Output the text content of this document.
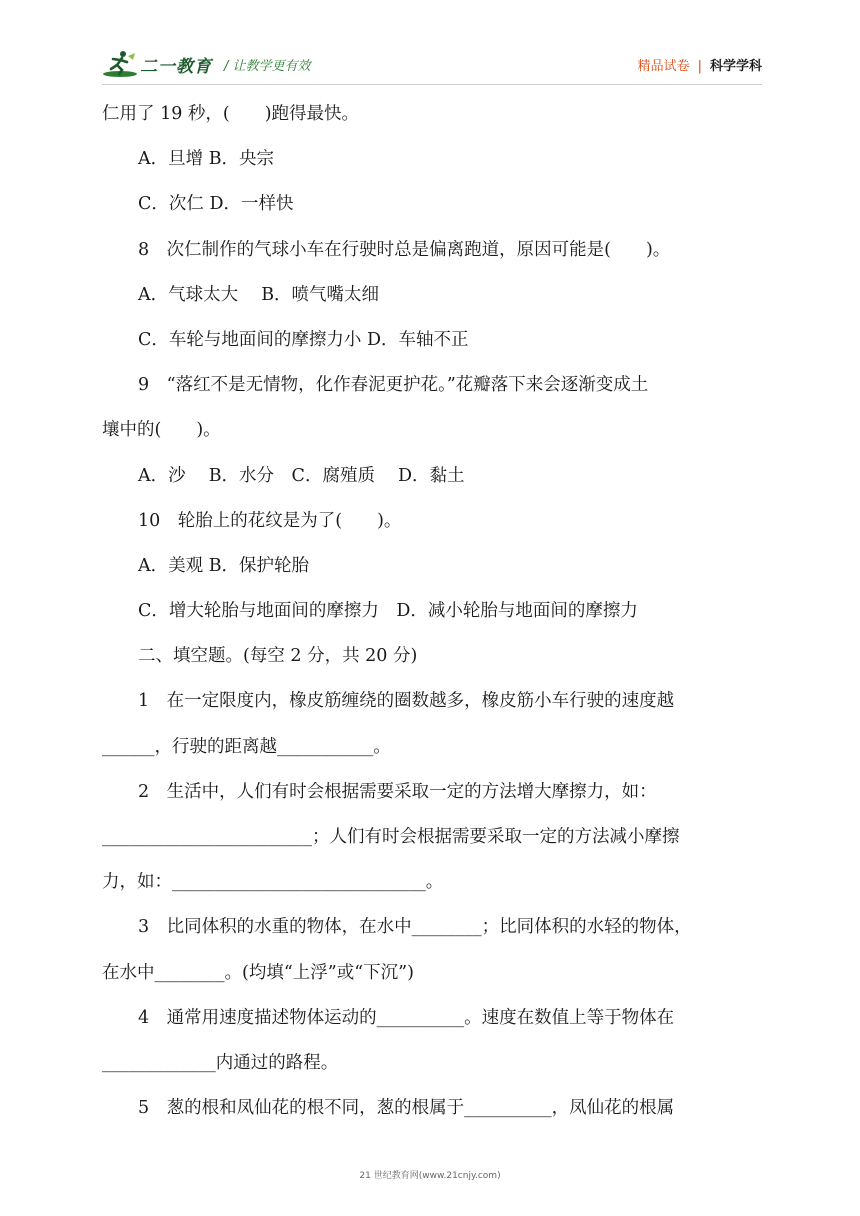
二一教育 / 让教学更有效	精品试卷 | 科学学科
仁用了 19 秒，(　　)跑得最快。
A．旦增 B．央宗
C．次仁 D．一样快
8　次仁制作的气球小车在行驶时总是偏离跑道，原因可能是(　　)。
A．气球太大　 B．喷气嘴太细
C．车轮与地面间的摩擦力小 D．车轴不正
9　“落红不是无情物，化作春泥更护花。”花瓣落下来会逐渐变成土
壤中的(　　)。
A．沙　 B．水分　C．腐殖质　 D．黏土
10　轮胎上的花纹是为了(　　)。
A．美观 B．保护轮胎
C．增大轮胎与地面间的摩擦力　D．减小轮胎与地面间的摩擦力
二、填空题。(每空 2 分，共 20 分)
1　在一定限度内，橡皮筋缠绕的圈数越多，橡皮筋小车行驶的速度越
______，行驶的距离越___________。
2　生活中，人们有时会根据需要采取一定的方法增大摩擦力，如：
________________________；人们有时会根据需要采取一定的方法减小摩擦
力，如：_____________________________。
3　比同体积的水重的物体，在水中________；比同体积的水轻的物体，
在水中________。(均填“上浮”或“下沉”)
4　通常用速度描述物体运动的__________。速度在数值上等于物体在
_____________内通过的路程。
5　葱的根和凤仙花的根不同，葱的根属于__________，凤仙花的根属
21 世纪教育网(www.21cnjy.com)
